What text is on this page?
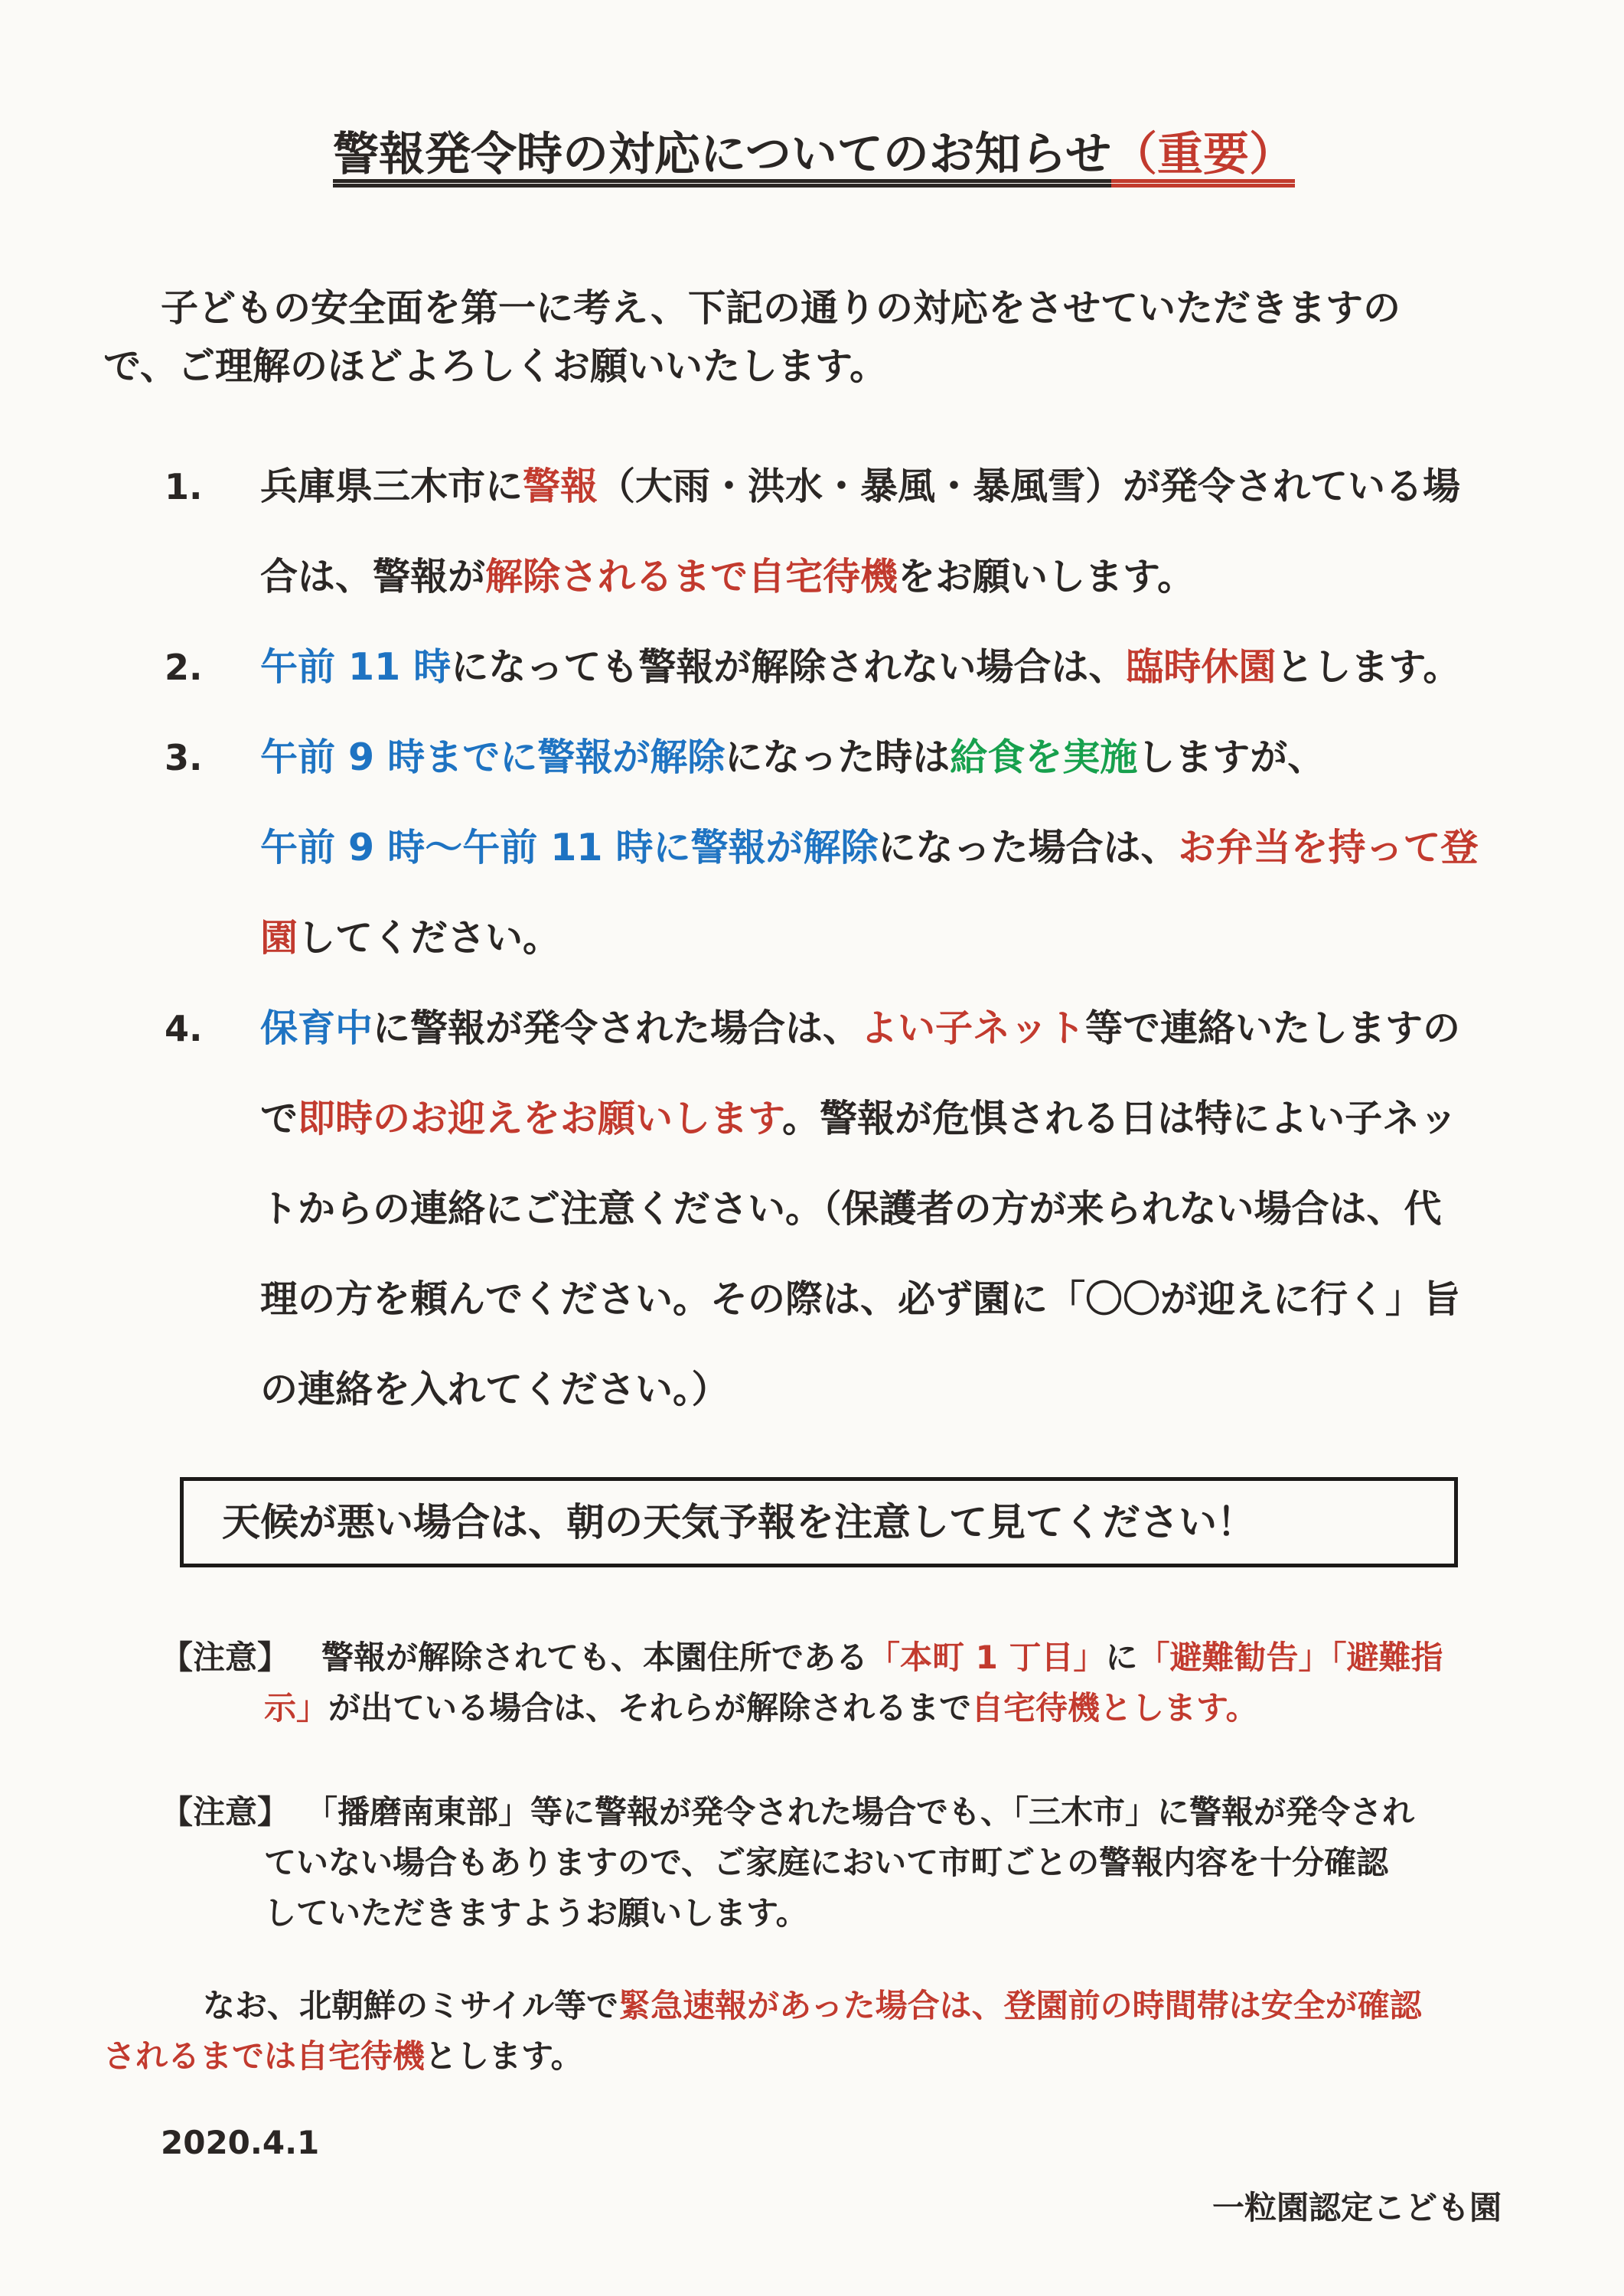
警報発令時の対応についてのお知らせ（重要）
子どもの安全面を第一に考え、下記の通りの対応をさせていただきますの
で、ご理解のほどよろしくお願いいたします。
1.	兵庫県三木市に警報（大雨・洪水・暴風・暴風雪）が発令されている場
合は、警報が解除されるまで自宅待機をお願いします。
2.	午前 11 時になっても警報が解除されない場合は、臨時休園とします。
3.	午前 9 時までに警報が解除になった時は給食を実施しますが、
午前 9 時～午前 11 時に警報が解除になった場合は、お弁当を持って登
園してください。
4.	保育中に警報が発令された場合は、よい子ネット等で連絡いたしますの
で即時のお迎えをお願いします。警報が危惧される日は特によい子ネッ
トからの連絡にご注意ください。（保護者の方が来られない場合は、代
理の方を頼んでください。その際は、必ず園に「〇〇が迎えに行く」旨
の連絡を入れてください。）
天候が悪い場合は、朝の天気予報を注意して見てください！
【注意】 警報が解除されても、本園住所である「本町 1 丁目」に「避難勧告」「避難指
示」が出ている場合は、それらが解除されるまで自宅待機とします。
【注意】 「播磨南東部」等に警報が発令された場合でも、「三木市」に警報が発令され
ていない場合もありますので、ご家庭において市町ごとの警報内容を十分確認
していただきますようお願いします。
なお、北朝鮮のミサイル等で緊急速報があった場合は、登園前の時間帯は安全が確認
されるまでは自宅待機とします。
2020.4.1
一粒園認定こども園
